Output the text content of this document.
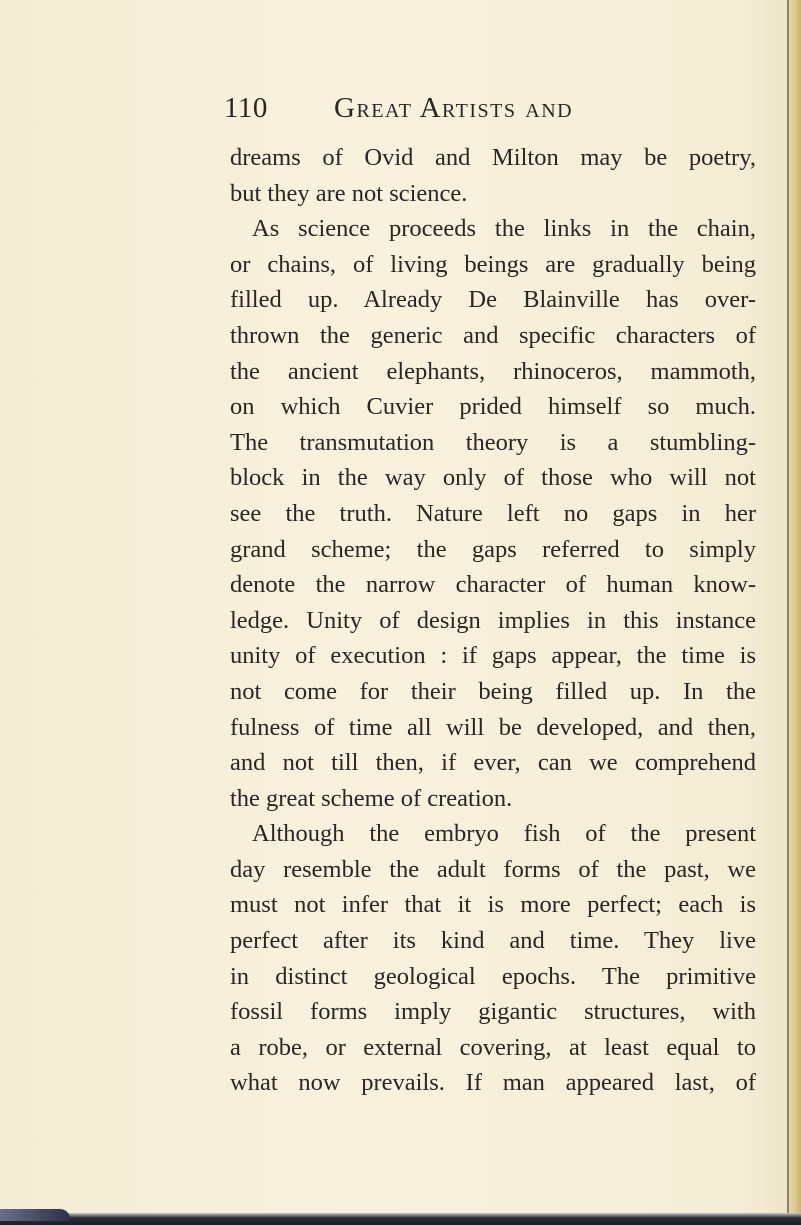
110 Great Artists and
dreams of Ovid and Milton may be poetry,
but they are not science.
As science proceeds the links in the chain,
or chains, of living beings are gradually being
filled up. Already De Blainville has over-
thrown the generic and specific characters of
the ancient elephants, rhinoceros, mammoth,
on which Cuvier prided himself so much.
The transmutation theory is a stumbling-
block in the way only of those who will not
see the truth. Nature left no gaps in her
grand scheme; the gaps referred to simply
denote the narrow character of human know-
ledge. Unity of design implies in this instance
unity of execution : if gaps appear, the time is
not come for their being filled up. In the
fulness of time all will be developed, and then,
and not till then, if ever, can we comprehend
the great scheme of creation.
Although the embryo fish of the present
day resemble the adult forms of the past, we
must not infer that it is more perfect; each is
perfect after its kind and time. They live
in distinct geological epochs. The primitive
fossil forms imply gigantic structures, with
a robe, or external covering, at least equal to
what now prevails. If man appeared last, of
